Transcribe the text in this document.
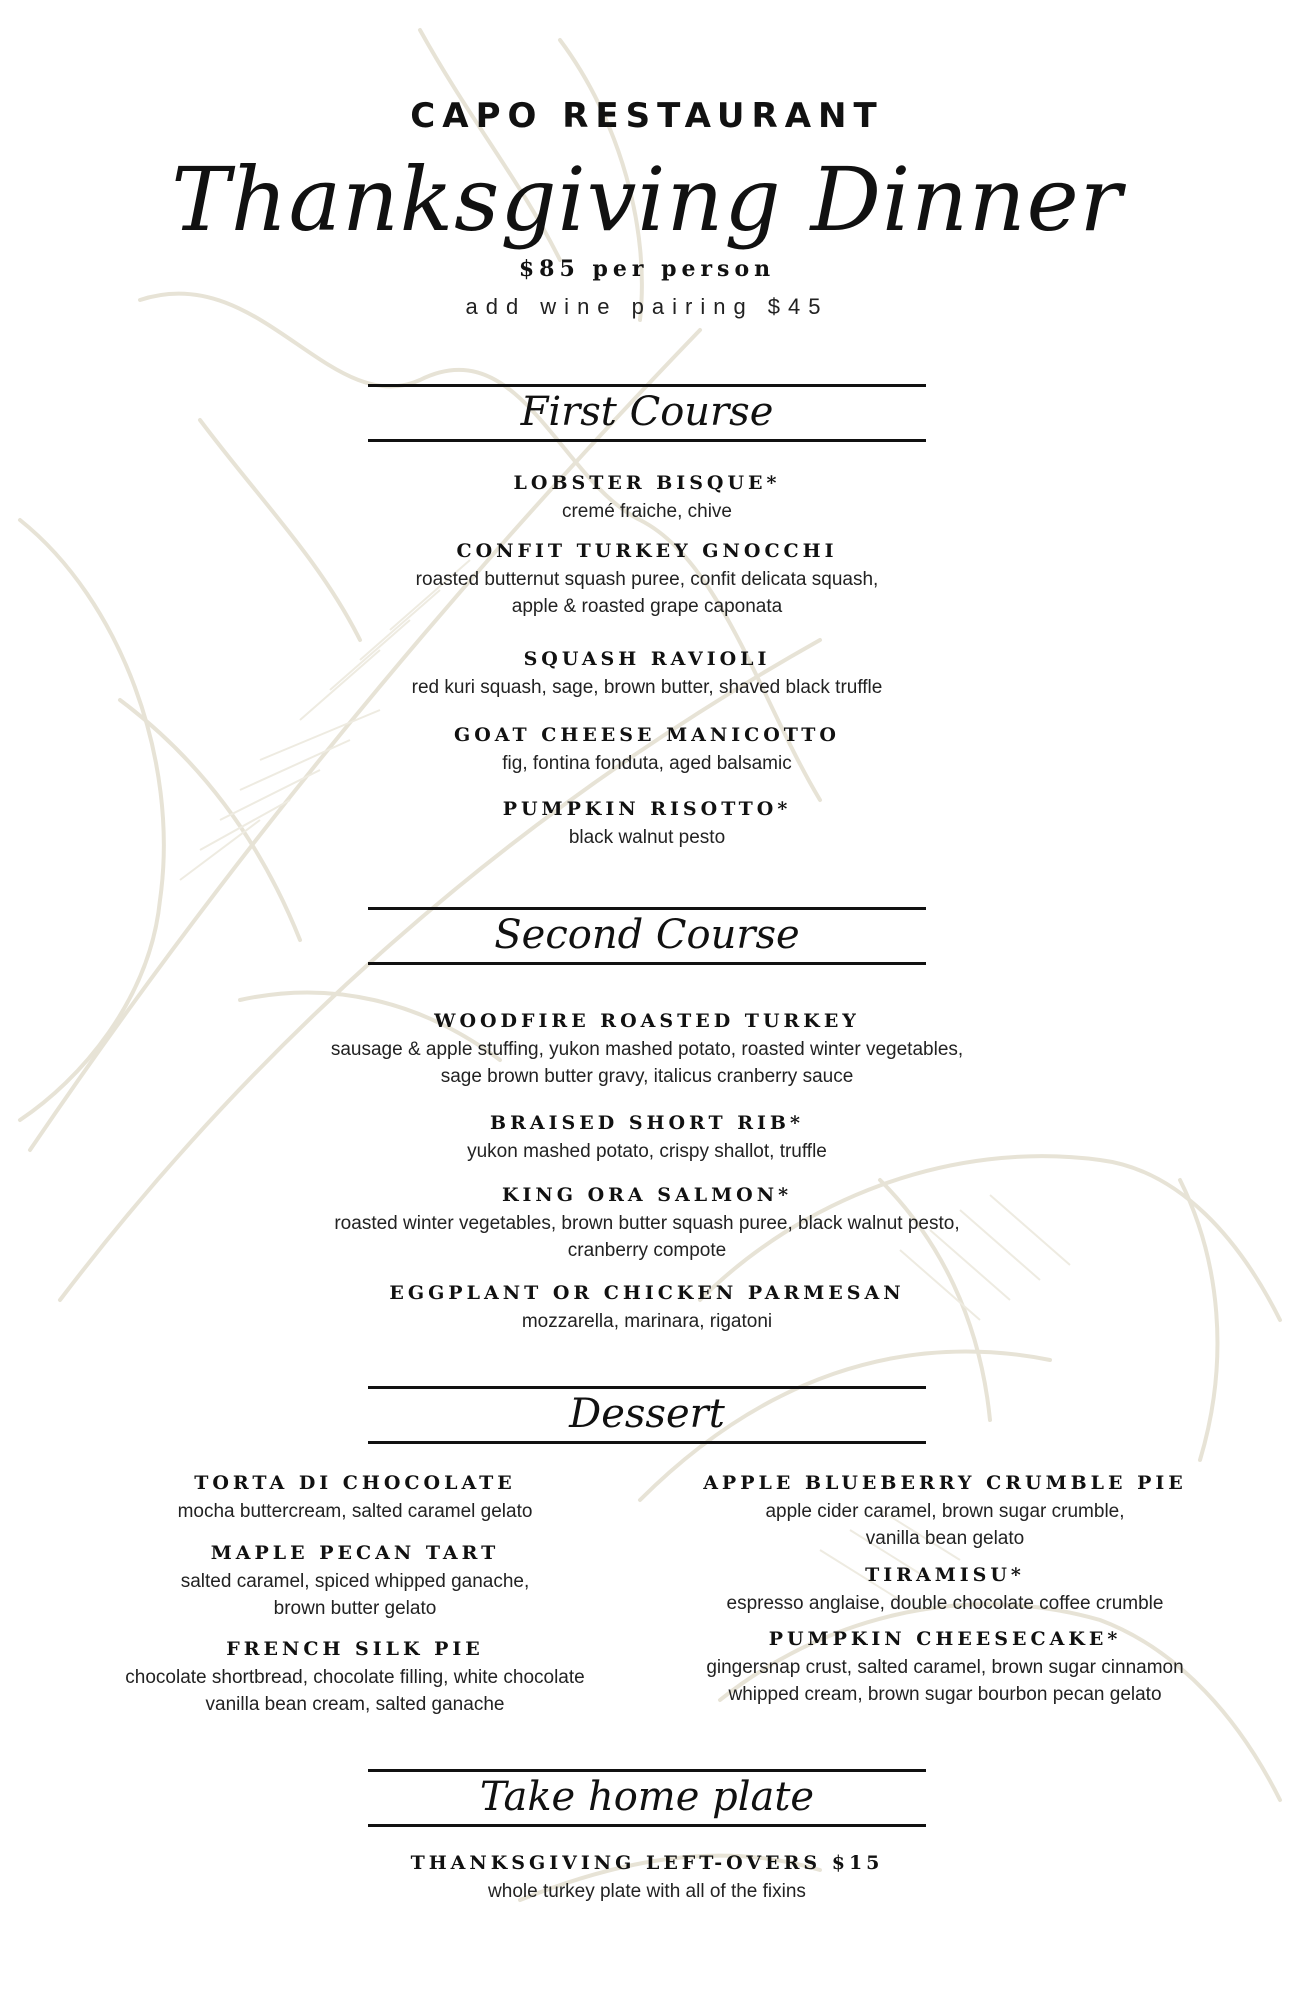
CAPO RESTAURANT
Thanksgiving Dinner
$85 per person
add wine pairing $45
First Course
LOBSTER BISQUE*
cremé fraiche, chive
CONFIT TURKEY GNOCCHI
roasted butternut squash puree, confit delicata squash,
apple & roasted grape caponata
SQUASH RAVIOLI
red kuri squash, sage, brown butter, shaved black truffle
GOAT CHEESE MANICOTTO
fig, fontina fonduta, aged balsamic
PUMPKIN RISOTTO*
black walnut pesto
Second Course
WOODFIRE ROASTED TURKEY
sausage & apple stuffing, yukon mashed potato, roasted winter vegetables,
sage brown butter gravy, italicus cranberry sauce
BRAISED SHORT RIB*
yukon mashed potato, crispy shallot, truffle
KING ORA SALMON*
roasted winter vegetables, brown butter squash puree, black walnut pesto,
cranberry compote
EGGPLANT OR CHICKEN PARMESAN
mozzarella, marinara, rigatoni
Dessert
TORTA DI CHOCOLATE
mocha buttercream, salted caramel gelato
MAPLE PECAN TART
salted caramel, spiced whipped ganache,
brown butter gelato
FRENCH SILK PIE
chocolate shortbread, chocolate filling, white chocolate
vanilla bean cream, salted ganache
APPLE BLUEBERRY CRUMBLE PIE
apple cider caramel, brown sugar crumble,
vanilla bean gelato
TIRAMISU*
espresso anglaise, double chocolate coffee crumble
PUMPKIN CHEESECAKE*
gingersnap crust, salted caramel, brown sugar cinnamon
whipped cream, brown sugar bourbon pecan gelato
Take home plate
THANKSGIVING LEFT-OVERS $15
whole turkey plate with all of the fixins
